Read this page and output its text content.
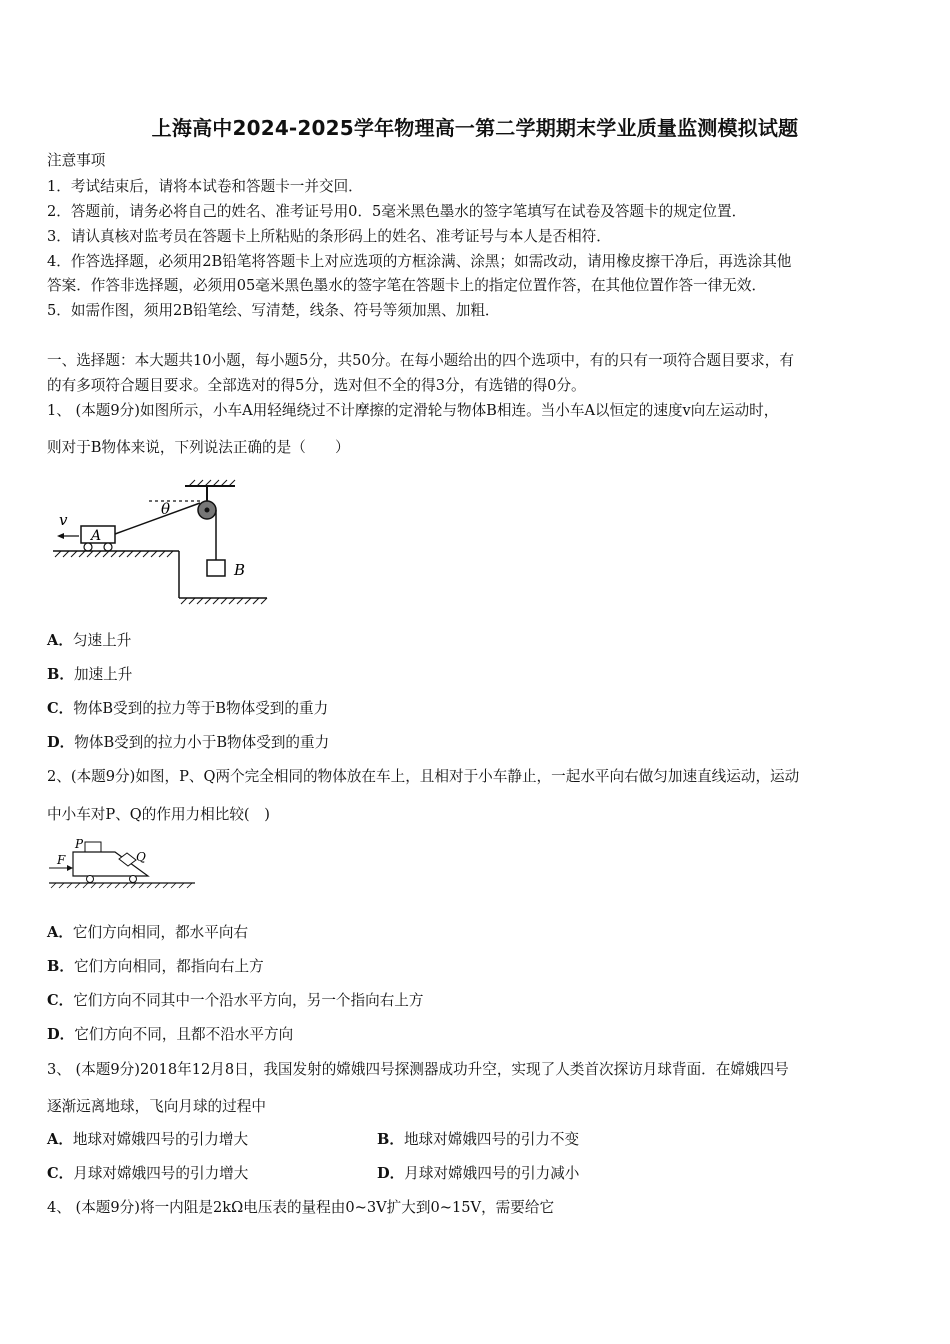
上海高中2024-2025学年物理高一第二学期期末学业质量监测模拟试题
注意事项
1．考试结束后，请将本试卷和答题卡一并交回．
2．答题前，请务必将自己的姓名、准考证号用0．5毫米黑色墨水的签字笔填写在试卷及答题卡的规定位置．
3．请认真核对监考员在答题卡上所粘贴的条形码上的姓名、准考证号与本人是否相符．
4．作答选择题，必须用2B铅笔将答题卡上对应选项的方框涂满、涂黑；如需改动，请用橡皮擦干净后，再选涂其他
答案．作答非选择题，必须用05毫米黑色墨水的签字笔在答题卡上的指定位置作答，在其他位置作答一律无效．
5．如需作图，须用2B铅笔绘、写清楚，线条、符号等须加黑、加粗．
一、选择题：本大题共10小题，每小题5分，共50分。在每小题给出的四个选项中，有的只有一项符合题目要求，有
的有多项符合题目要求。全部选对的得5分，选对但不全的得3分，有选错的得0分。
1、 (本题9分)如图所示，小车A用轻绳绕过不计摩擦的定滑轮与物体B相连。当小车A以恒定的速度v向左运动时，
则对于B物体来说，下列说法正确的是（　　）
B
θ
A
v
A．匀速上升
B．加速上升
C．物体B受到的拉力等于B物体受到的重力
D．物体B受到的拉力小于B物体受到的重力
2、(本题9分)如图，P、Q两个完全相同的物体放在车上，且相对于小车静止，一起水平向右做匀加速直线运动，运动
中小车对P、Q的作用力相比较(　)
P
F	Q
A．它们方向相同，都水平向右
B．它们方向相同，都指向右上方
C．它们方向不同其中一个沿水平方向，另一个指向右上方
D．它们方向不同，且都不沿水平方向
3、 (本题9分)2018年12月8日，我国发射的嫦娥四号探测器成功升空，实现了人类首次探访月球背面．在嫦娥四号
逐渐远离地球，飞向月球的过程中
A．地球对嫦娥四号的引力增大	B．地球对嫦娥四号的引力不变
C．月球对嫦娥四号的引力增大	D．月球对嫦娥四号的引力减小
4、 (本题9分)将一内阻是2kΩ电压表的量程由0~3V扩大到0~15V，需要给它
